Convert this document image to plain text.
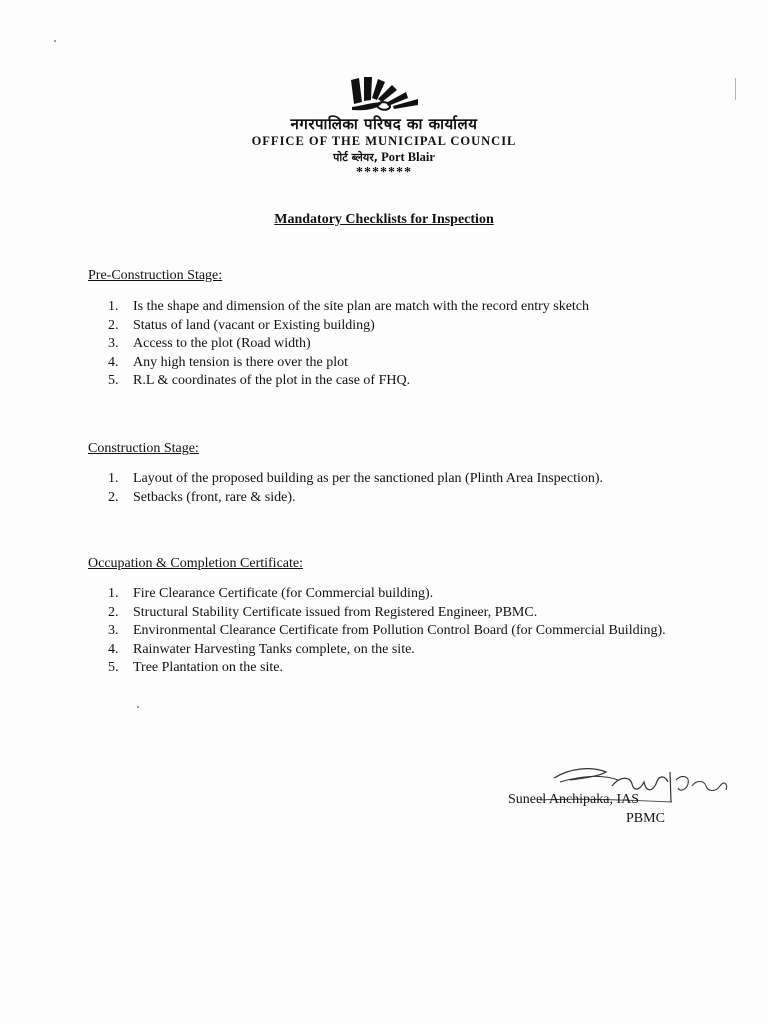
नगरपालिका परिषद का कार्यालय
OFFICE OF THE MUNICIPAL COUNCIL
पोर्ट ब्लेयर, Port Blair
*******
Mandatory Checklists for Inspection
Pre-Construction Stage:
1. Is the shape and dimension of the site plan are match with the record entry sketch
2. Status of land (vacant or Existing building)
3. Access to the plot (Road width)
4. Any high tension is there over the plot
5. R.L & coordinates of the plot in the case of FHQ.
Construction Stage:
1. Layout of the proposed building as per the sanctioned plan (Plinth Area Inspection).
2. Setbacks (front, rare & side).
Occupation & Completion Certificate:
1. Fire Clearance Certificate (for Commercial building).
2. Structural Stability Certificate issued from Registered Engineer, PBMC.
3. Environmental Clearance Certificate from Pollution Control Board (for Commercial Building).
4. Rainwater Harvesting Tanks complete, on the site.
5. Tree Plantation on the site.
Suneel Anchipaka, IAS
PBMC
